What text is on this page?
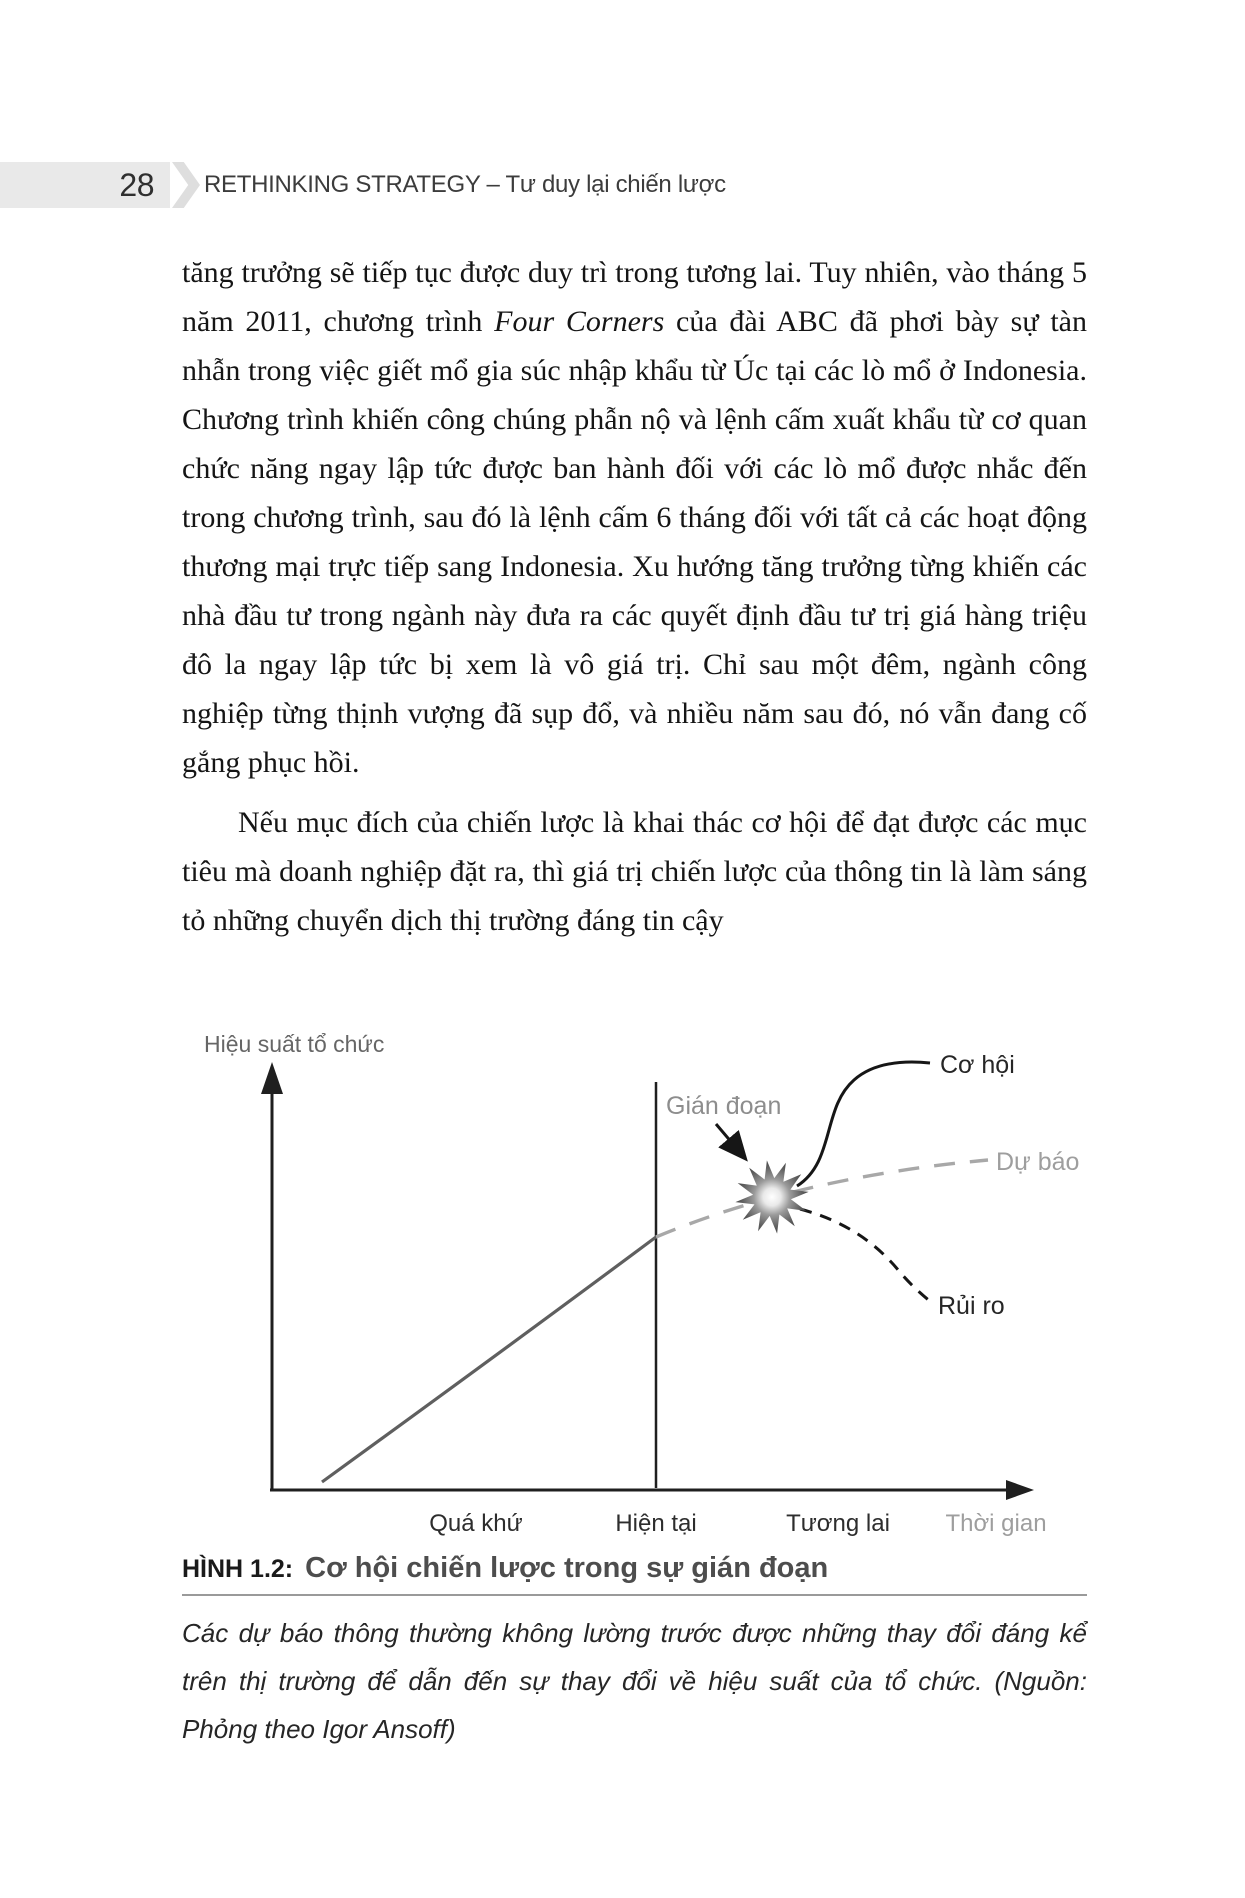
28 RETHINKING STRATEGY – Tư duy lại chiến lược

tăng trưởng sẽ tiếp tục được duy trì trong tương lai. Tuy nhiên, vào tháng 5 năm 2011, chương trình Four Corners của đài ABC đã phơi bày sự tàn nhẫn trong việc giết mổ gia súc nhập khẩu từ Úc tại các lò mổ ở Indonesia. Chương trình khiến công chúng phẫn nộ và lệnh cấm xuất khẩu từ cơ quan chức năng ngay lập tức được ban hành đối với các lò mổ được nhắc đến trong chương trình, sau đó là lệnh cấm 6 tháng đối với tất cả các hoạt động thương mại trực tiếp sang Indonesia. Xu hướng tăng trưởng từng khiến các nhà đầu tư trong ngành này đưa ra các quyết định đầu tư trị giá hàng triệu đô la ngay lập tức bị xem là vô giá trị. Chỉ sau một đêm, ngành công nghiệp từng thịnh vượng đã sụp đổ, và nhiều năm sau đó, nó vẫn đang cố gắng phục hồi.

Nếu mục đích của chiến lược là khai thác cơ hội để đạt được các mục tiêu mà doanh nghiệp đặt ra, thì giá trị chiến lược của thông tin là làm sáng tỏ những chuyển dịch thị trường đáng tin cậy

Hiệu suất tổ chức
Gián đoạn
Cơ hội
Dự báo
Rủi ro
Quá khứ	Hiện tại	Tương lai Thời gian
HÌNH 1.2: Cơ hội chiến lược trong sự gián đoạn
Các dự báo thông thường không lường trước được những thay đổi đáng kể trên thị trường để dẫn đến sự thay đổi về hiệu suất của tổ chức. (Nguồn: Phỏng theo Igor Ansoff)
